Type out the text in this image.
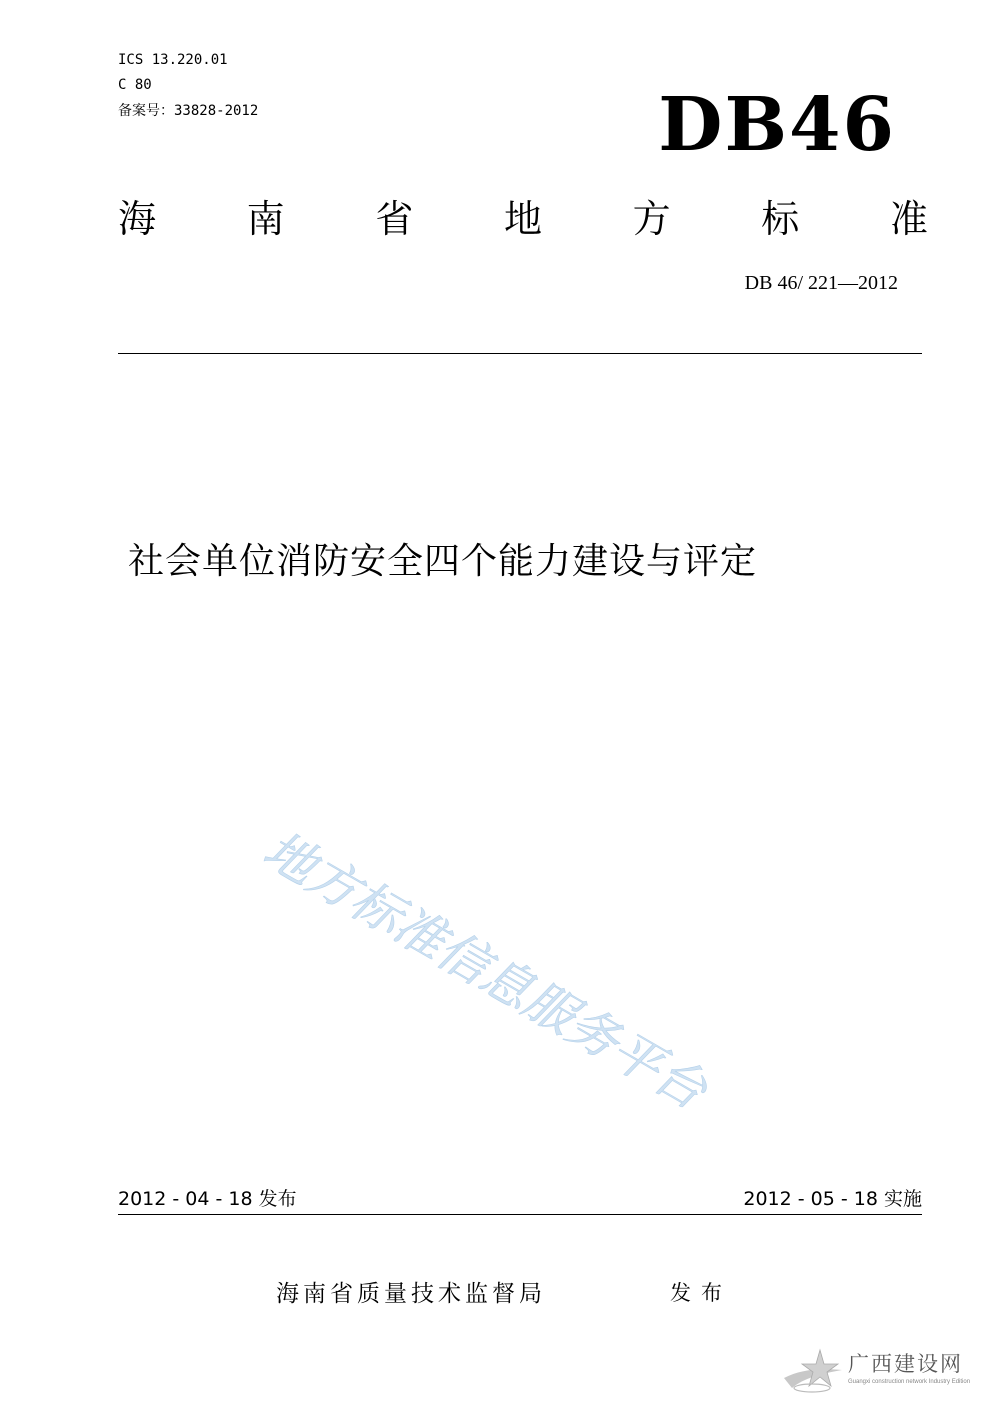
ICS 13.220.01
C 80
备案号：33828-2012	DB46
海 南 省 地 方 标 准
DB 46/ 221—2012
社会单位消防安全四个能力建设与评定
地方标准信息服务平台
2012 - 04 - 18 发布	2012 - 05 - 18 实施
海南省质量技术监督局	发布
广西建设网
Guangxi construction network Industry Edition
